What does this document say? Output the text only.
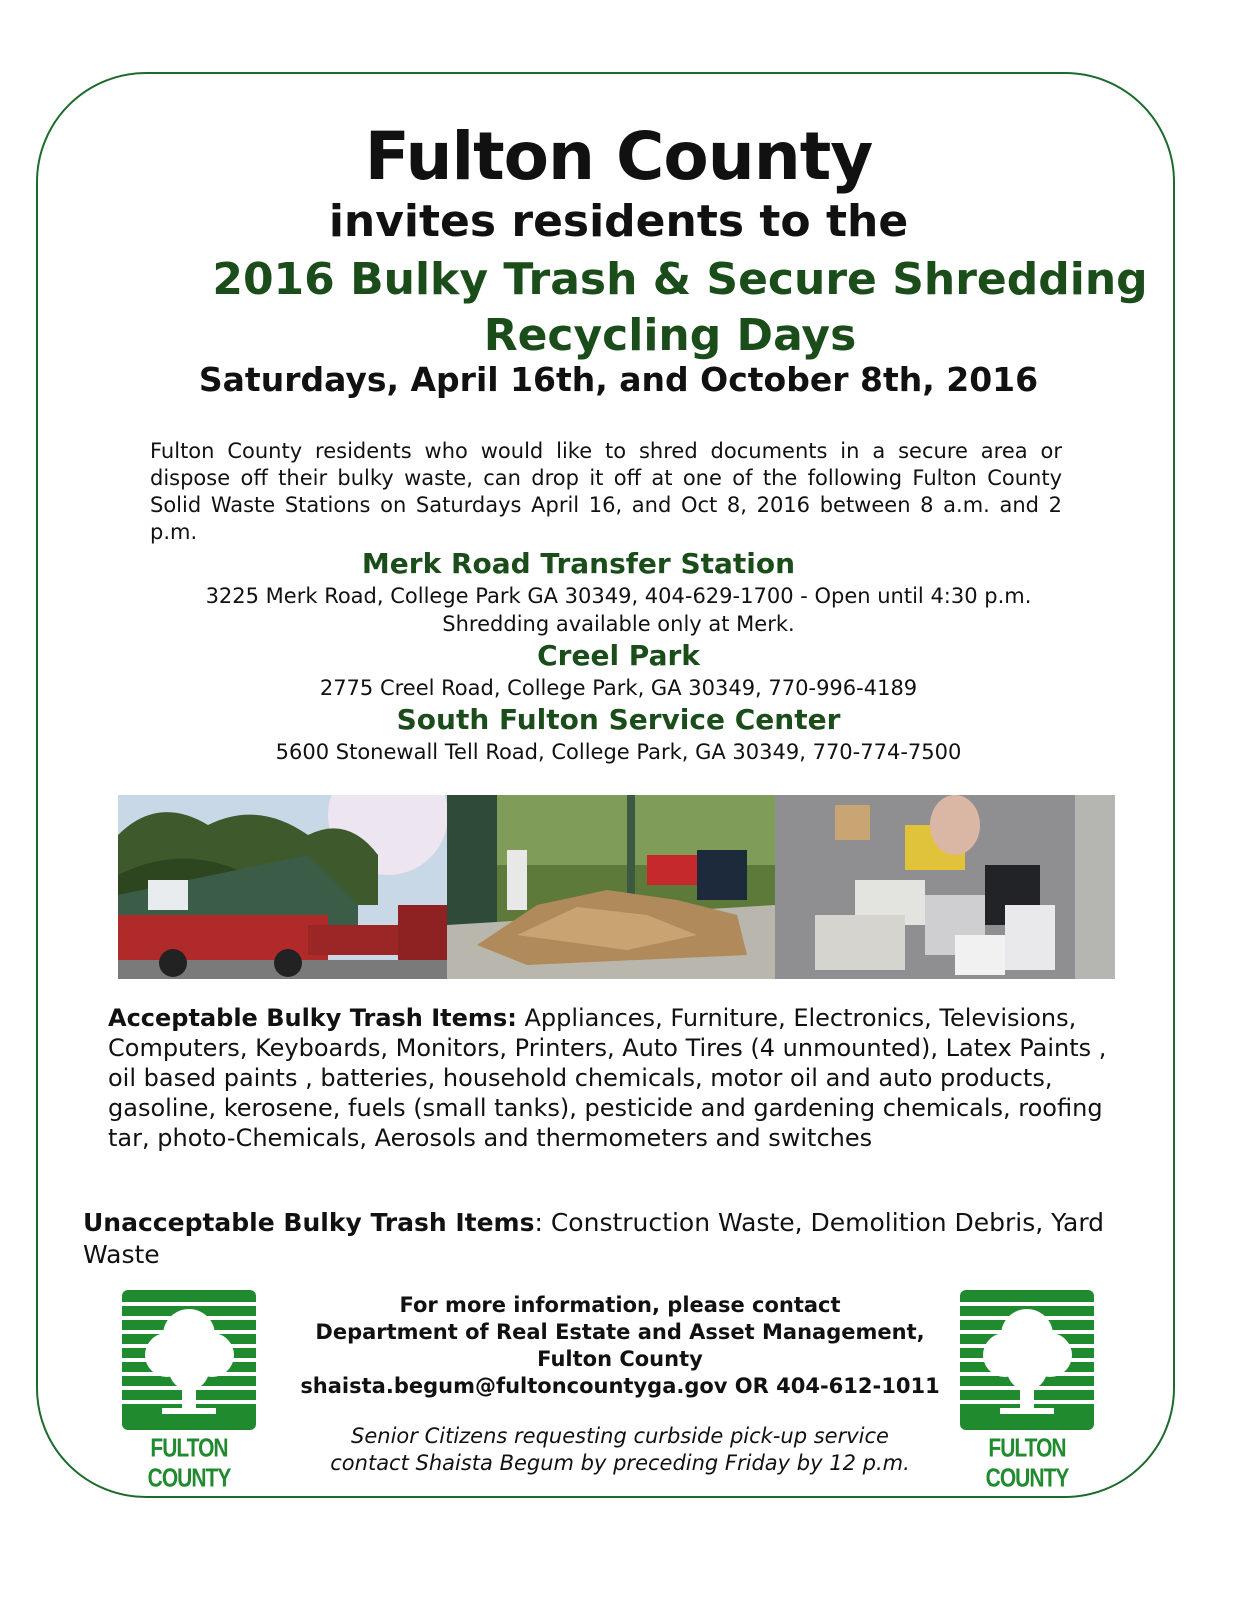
Fulton County
invites residents to the
2016 Bulky Trash & Secure Shredding
Recycling Days
Saturdays, April 16th, and October 8th, 2016
Fulton County residents who would like to shred documents in a secure area or dispose off their bulky waste, can drop it off at one of the following Fulton County Solid Waste Stations on Saturdays April 16, and Oct 8, 2016 between 8 a.m. and 2 p.m.
Merk Road Transfer Station
3225 Merk Road, College Park GA 30349, 404-629-1700 - Open until 4:30 p.m.
Shredding available only at Merk.
Creel Park
2775 Creel Road, College Park, GA 30349, 770-996-4189
South Fulton Service Center
5600 Stonewall Tell Road, College Park, GA 30349, 770-774-7500
Acceptable Bulky Trash Items: Appliances, Furniture, Electronics, Televisions, Computers, Keyboards, Monitors, Printers, Auto Tires (4 unmounted), Latex Paints , oil based paints , batteries, household chemicals, motor oil and auto products, gasoline, kerosene, fuels (small tanks), pesticide and gardening chemicals, roofing tar, photo-Chemicals, Aerosols and thermometers and switches
Unacceptable Bulky Trash Items: Construction Waste, Demolition Debris, Yard Waste
FULTON COUNTY
FULTON COUNTY
For more information, please contact
Department of Real Estate and Asset Management,
Fulton County
shaista.begum@fultoncountyga.gov OR 404-612-1011
Senior Citizens requesting curbside pick-up service
contact Shaista Begum by preceding Friday by 12 p.m.
